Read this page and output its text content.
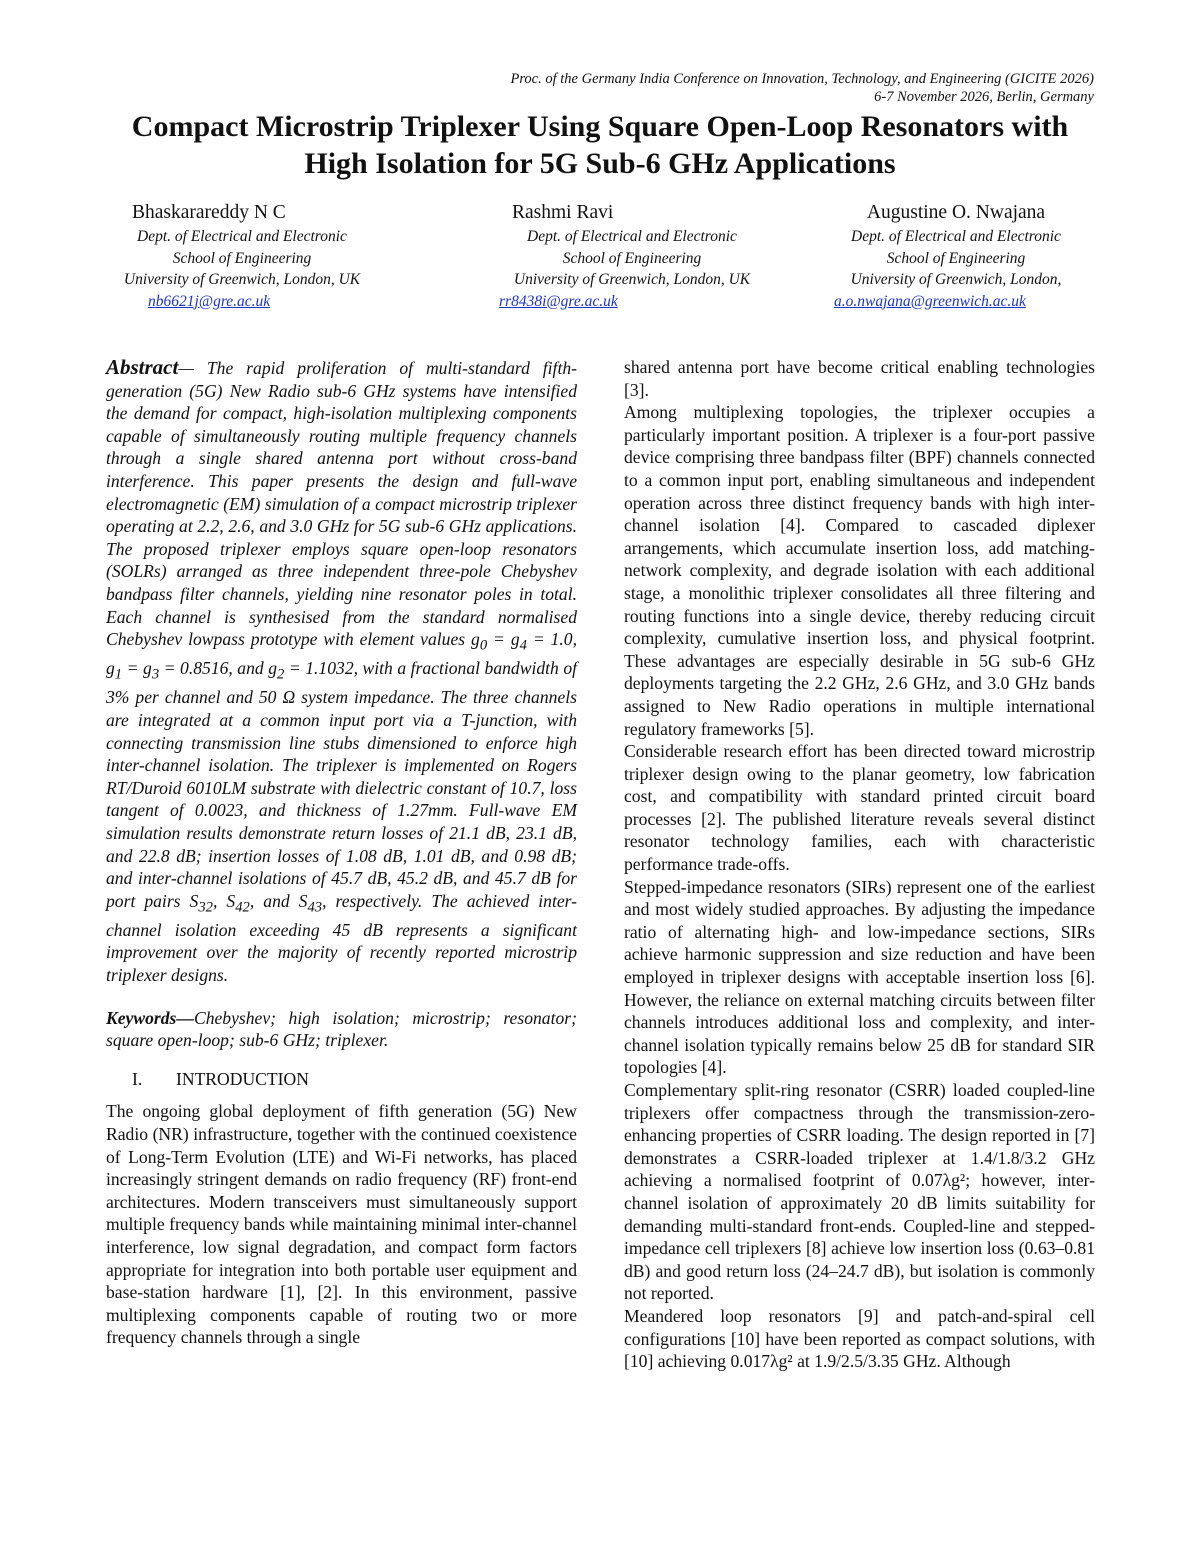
Proc. of the Germany India Conference on Innovation, Technology, and Engineering (GICITE 2026)
6-7 November 2026, Berlin, Germany
Compact Microstrip Triplexer Using Square Open-Loop Resonators with
High Isolation for 5G Sub-6 GHz Applications
Bhaskarareddy N C
Dept. of Electrical and Electronic
School of Engineering
University of Greenwich, London, UK
nb6621j@gre.ac.uk
Rashmi Ravi
Dept. of Electrical and Electronic
School of Engineering
University of Greenwich, London, UK
rr8438i@gre.ac.uk
Augustine O. Nwajana
Dept. of Electrical and Electronic
School of Engineering
University of Greenwich, London,
a.o.nwajana@greenwich.ac.uk

Abstract— The rapid proliferation of multi-standard fifth-generation (5G) New Radio sub-6 GHz systems have intensified the demand for compact, high-isolation multiplexing components capable of simultaneously routing multiple frequency channels through a single shared antenna port without cross-band interference. This paper presents the design and full-wave electromagnetic (EM) simulation of a compact microstrip triplexer operating at 2.2, 2.6, and 3.0 GHz for 5G sub-6 GHz applications. The proposed triplexer employs square open-loop resonators (SOLRs) arranged as three independent three-pole Chebyshev bandpass filter channels, yielding nine resonator poles in total. Each channel is synthesised from the standard normalised Chebyshev lowpass prototype with element values $g_0 = g_4 = 1.0$, $g_1 = g_3 = 0.8516$, and $g_2 = 1.1032$, with a fractional bandwidth of 3% per channel and 50 Ω system impedance. The three channels are integrated at a common input port via a T-junction, with connecting transmission line stubs dimensioned to enforce high inter-channel isolation. The triplexer is implemented on Rogers RT/Duroid 6010LM substrate with dielectric constant of 10.7, loss tangent of 0.0023, and thickness of 1.27mm. Full-wave EM simulation results demonstrate return losses of 21.1 dB, 23.1 dB, and 22.8 dB; insertion losses of 1.08 dB, 1.01 dB, and 0.98 dB; and inter-channel isolations of 45.7 dB, 45.2 dB, and 45.7 dB for port pairs $S_{32}$, $S_{42}$, and $S_{43}$, respectively. The achieved inter-channel isolation exceeding 45 dB represents a significant improvement over the majority of recently reported microstrip triplexer designs.

Keywords—Chebyshev; high isolation; microstrip; resonator; square open-loop; sub-6 GHz; triplexer.

I. INTRODUCTION

The ongoing global deployment of fifth generation (5G) New Radio (NR) infrastructure, together with the continued coexistence of Long-Term Evolution (LTE) and Wi-Fi networks, has placed increasingly stringent demands on radio frequency (RF) front-end architectures. Modern transceivers must simultaneously support multiple frequency bands while maintaining minimal inter-channel interference, low signal degradation, and compact form factors appropriate for integration into both portable user equipment and base-station hardware [1], [2]. In this environment, passive multiplexing components capable of routing two or more frequency channels through a single

shared antenna port have become critical enabling technologies [3].

Among multiplexing topologies, the triplexer occupies a particularly important position. A triplexer is a four-port passive device comprising three bandpass filter (BPF) channels connected to a common input port, enabling simultaneous and independent operation across three distinct frequency bands with high inter-channel isolation [4]. Compared to cascaded diplexer arrangements, which accumulate insertion loss, add matching-network complexity, and degrade isolation with each additional stage, a monolithic triplexer consolidates all three filtering and routing functions into a single device, thereby reducing circuit complexity, cumulative insertion loss, and physical footprint. These advantages are especially desirable in 5G sub-6 GHz deployments targeting the 2.2 GHz, 2.6 GHz, and 3.0 GHz bands assigned to New Radio operations in multiple international regulatory frameworks [5].

Considerable research effort has been directed toward microstrip triplexer design owing to the planar geometry, low fabrication cost, and compatibility with standard printed circuit board processes [2]. The published literature reveals several distinct resonator technology families, each with characteristic performance trade-offs.

Stepped-impedance resonators (SIRs) represent one of the earliest and most widely studied approaches. By adjusting the impedance ratio of alternating high- and low-impedance sections, SIRs achieve harmonic suppression and size reduction and have been employed in triplexer designs with acceptable insertion loss [6]. However, the reliance on external matching circuits between filter channels introduces additional loss and complexity, and inter-channel isolation typically remains below 25 dB for standard SIR topologies [4].

Complementary split-ring resonator (CSRR) loaded coupled-line triplexers offer compactness through the transmission-zero-enhancing properties of CSRR loading. The design reported in [7] demonstrates a CSRR-loaded triplexer at 1.4/1.8/3.2 GHz achieving a normalised footprint of 0.07λg²; however, inter-channel isolation of approximately 20 dB limits suitability for demanding multi-standard front-ends. Coupled-line and stepped-impedance cell triplexers [8] achieve low insertion loss (0.63–0.81 dB) and good return loss (24–24.7 dB), but isolation is commonly not reported.

Meandered loop resonators [9] and patch-and-spiral cell configurations [10] have been reported as compact solutions, with [10] achieving 0.017λg² at 1.9/2.5/3.35 GHz. Although
